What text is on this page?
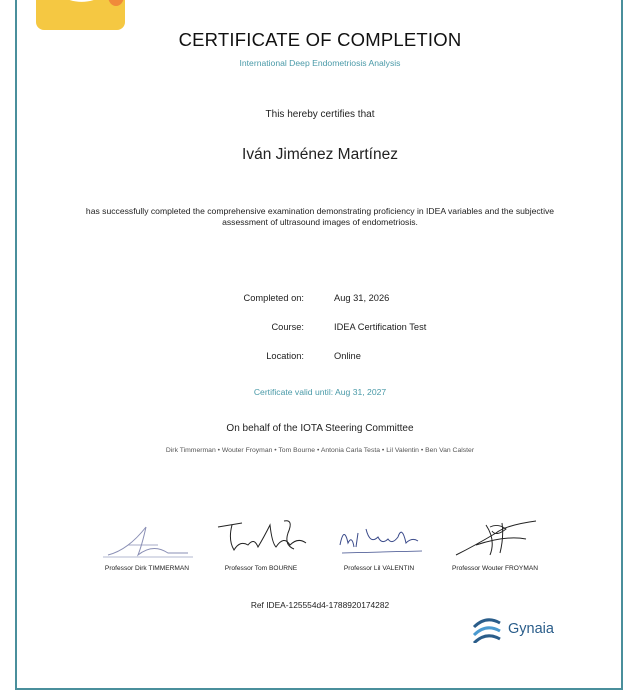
CERTIFICATE OF COMPLETION
International Deep Endometriosis Analysis
This hereby certifies that
Iván Jiménez Martínez
has successfully completed the comprehensive examination demonstrating proficiency in IDEA variables and the subjective assessment of ultrasound images of endometriosis.
Completed on:	Aug 31, 2026
Course:	IDEA Certification Test
Location:	Online
Certificate valid until: Aug 31, 2027
On behalf of the IOTA Steering Committee
Dirk Timmerman • Wouter Froyman • Tom Bourne • Antonia Carla Testa • Lil Valentin • Ben Van Calster
Professor Dirk TIMMERMAN	Professor Tom BOURNE	Professor Lil VALENTIN	Professor Wouter FROYMAN
Ref IDEA-125554d4-1788920174282
Gynaia
